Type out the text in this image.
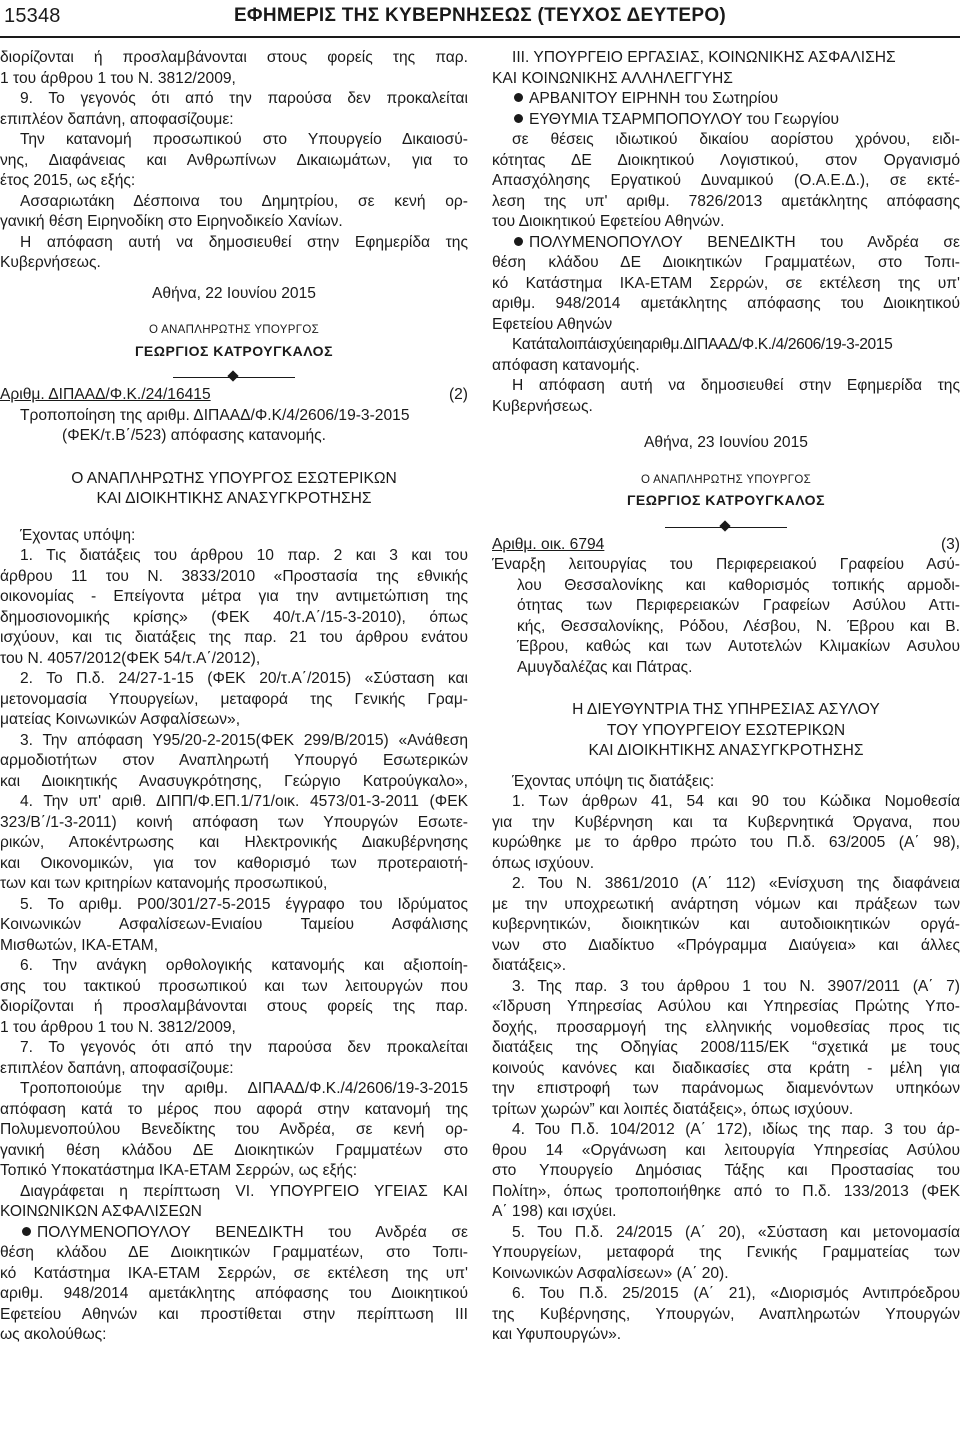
15348	ΕΦΗΜΕΡΙΣ ΤΗΣ ΚΥΒΕΡΝΗΣΕΩΣ (ΤΕΥΧΟΣ ΔΕΥΤΕΡΟ)
διορίζονται ή προσλαμβάνονται στους φορείς της παρ.
1 του άρθρου 1 του Ν. 3812/2009,
9. Το γεγονός ότι από την παρούσα δεν προκαλείται
επιπλέον δαπάνη, αποφασίζουμε:
Την κατανομή προσωπικού στο Υπουργείο Δικαιοσύ-
νης, Διαφάνειας και Ανθρωπίνων Δικαιωμάτων, για το
έτος 2015, ως εξής:
Ασσαριωτάκη Δέσποινα του Δημητρίου, σε κενή ορ-
γανική θέση Ειρηνοδίκη στο Ειρηνοδικείο Χανίων.
Η απόφαση αυτή να δημοσιευθεί στην Εφημερίδα της
Κυβερνήσεως.
Αθήνα, 22 Ιουνίου 2015
Ο ΑΝΑΠΛΗΡΩΤΗΣ ΥΠΟΥΡΓΟΣ
ΓΕΩΡΓΙΟΣ ΚΑΤΡΟΥΓΚΑΛΟΣ
Αριθμ. ΔΙΠΑΑΔ/Φ.Κ./24/16415	(2)
Τροποποίηση της αριθμ. ΔΙΠΑΑΔ/Φ.Κ/4/2606/19-3-2015
(ΦΕΚ/τ.Β΄/523) απόφασης κατανομής.
Ο ΑΝΑΠΛΗΡΩΤΗΣ ΥΠΟΥΡΓΟΣ ΕΣΩΤΕΡΙΚΩΝ
ΚΑΙ ΔΙΟΙΚΗΤΙΚΗΣ ΑΝΑΣΥΓΚΡΟΤΗΣΗΣ
Έχοντας υπόψη:
1. Τις διατάξεις του άρθρου 10 παρ. 2 και 3 και του
άρθρου 11 του Ν. 3833/2010 «Προστασία της εθνικής
οικονομίας - Επείγοντα μέτρα για την αντιμετώπιση της
δημοσιονομικής κρίσης» (ΦΕΚ 40/τ.Α΄/15-3-2010), όπως
ισχύουν, και τις διατάξεις της παρ. 21 του άρθρου ενάτου
του Ν. 4057/2012(ΦΕΚ 54/τ.Α΄/2012),
2. Το Π.δ. 24/27-1-15 (ΦΕΚ 20/τ.Α΄/2015) «Σύσταση και
μετονομασία Υπουργείων, μεταφορά της Γενικής Γραμ-
ματείας Κοινωνικών Ασφαλίσεων»,
3. Την απόφαση Υ95/20-2-2015(ΦΕΚ 299/Β/2015) «Ανάθεση
αρμοδιοτήτων στον Αναπληρωτή Υπουργό Εσωτερικών
και Διοικητικής Ανασυγκρότησης, Γεώργιο Κατρούγκαλο»,
4. Την υπ' αριθ. ΔΙΠΠ/Φ.ΕΠ.1/71/οικ. 4573/01-3-2011 (ΦΕΚ
323/Β΄/1-3-2011) κοινή απόφαση των Υπουργών Εσωτε-
ρικών, Αποκέντρωσης και Ηλεκτρονικής Διακυβέρνησης
και Οικονομικών, για τον καθορισμό των προτεραιοτή-
των και των κριτηρίων κατανομής προσωπικού,
5. Το αριθμ. Ρ00/301/27-5-2015 έγγραφο του Ιδρύματος
Κοινωνικών Ασφαλίσεων-Ενιαίου Ταμείου Ασφάλισης
Μισθωτών, ΙΚΑ-ΕΤΑΜ,
6. Την ανάγκη ορθολογικής κατανομής και αξιοποίη-
σης του τακτικού προσωπικού και των λειτουργών που
διορίζονται ή προσλαμβάνονται στους φορείς της παρ.
1 του άρθρου 1 του Ν. 3812/2009,
7. Το γεγονός ότι από την παρούσα δεν προκαλείται
επιπλέον δαπάνη, αποφασίζουμε:
Τροποποιούμε την αριθμ. ΔΙΠΑΑΔ/Φ.Κ./4/2606/19-3-2015
απόφαση κατά το μέρος που αφορά στην κατανομή της
Πολυμενοπούλου Βενεδίκτης του Ανδρέα, σε κενή ορ-
γανική θέση κλάδου ΔΕ Διοικητικών Γραμματέων στο
Τοπικό Υποκατάστημα ΙΚΑ-ΕΤΑΜ Σερρών, ως εξής:
Διαγράφεται η περίπτωση VI. ΥΠΟΥΡΓΕΙΟ ΥΓΕΙΑΣ ΚΑΙ
ΚΟΙΝΩΝΙΚΩΝ ΑΣΦΑΛΙΣΕΩΝ
ΠΟΛΥΜΕΝΟΠΟΥΛΟΥ ΒΕΝΕΔΙΚΤΗ του Ανδρέα σε
θέση κλάδου ΔΕ Διοικητικών Γραμματέων, στο Τοπι-
κό Κατάστημα ΙΚΑ-ΕΤΑΜ Σερρών, σε εκτέλεση της υπ'
αριθμ. 948/2014 αμετάκλητης απόφασης του Διοικητικού
Εφετείου Αθηνών και προστίθεται στην περίπτωση ΙΙΙ
ως ακολούθως:
ΙΙΙ. ΥΠΟΥΡΓΕΙΟ ΕΡΓΑΣΙΑΣ, ΚΟΙΝΩΝΙΚΗΣ ΑΣΦΑΛΙΣΗΣ
ΚΑΙ ΚΟΙΝΩΝΙΚΗΣ ΑΛΛΗΛΕΓΓΥΗΣ
ΑΡΒΑΝΙΤΟΥ ΕΙΡΗΝΗ του Σωτηρίου
ΕΥΘΥΜΙΑ ΤΣΑΡΜΠΟΠΟΥΛΟΥ του Γεωργίου
σε θέσεις ιδιωτικού δικαίου αορίστου χρόνου, ειδι-
κότητας ΔΕ Διοικητικού Λογιστικού, στον Οργανισμό
Απασχόλησης Εργατικού Δυναμικού (Ο.Α.Ε.Δ.), σε εκτέ-
λεση της υπ' αριθμ. 7826/2013 αμετάκλητης απόφασης
του Διοικητικού Εφετείου Αθηνών.
ΠΟΛΥΜΕΝΟΠΟΥΛΟΥ ΒΕΝΕΔΙΚΤΗ του Ανδρέα σε
θέση κλάδου ΔΕ Διοικητικών Γραμματέων, στο Τοπι-
κό Κατάστημα ΙΚΑ-ΕΤΑΜ Σερρών, σε εκτέλεση της υπ'
αριθμ. 948/2014 αμετάκλητης απόφασης του Διοικητικού
Εφετείου Αθηνών
Κατάταλοιπάισχύειηαριθμ.ΔΙΠΑΑΔ/Φ.Κ./4/2606/19-3-2015
απόφαση κατανομής.
Η απόφαση αυτή να δημοσιευθεί στην Εφημερίδα της
Κυβερνήσεως.
Αθήνα, 23 Ιουνίου 2015
Ο ΑΝΑΠΛΗΡΩΤΗΣ ΥΠΟΥΡΓΟΣ
ΓΕΩΡΓΙΟΣ ΚΑΤΡΟΥΓΚΑΛΟΣ
Αριθμ. οικ. 6794	(3)
Έναρξη λειτουργίας του Περιφερειακού Γραφείου Ασύ-
λου Θεσσαλονίκης και καθορισμός τοπικής αρμοδι-
ότητας των Περιφερειακών Γραφείων Ασύλου Αττι-
κής, Θεσσαλονίκης, Ρόδου, Λέσβου, Ν. Έβρου και Β.
Έβρου, καθώς και των Αυτοτελών Κλιμακίων Ασυλου
Αμυγδαλέζας και Πάτρας.
Η ΔΙΕΥΘΥΝΤΡΙΑ ΤΗΣ ΥΠΗΡΕΣΙΑΣ ΑΣΥΛΟΥ
ΤΟΥ ΥΠΟΥΡΓΕΙΟΥ ΕΣΩΤΕΡΙΚΩΝ
ΚΑΙ ΔΙΟΙΚΗΤΙΚΗΣ ΑΝΑΣΥΓΚΡΟΤΗΣΗΣ
Έχοντας υπόψη τις διατάξεις:
1. Των άρθρων 41, 54 και 90 του Κώδικα Νομοθεσία
για την Κυβέρνηση και τα Κυβερνητικά Όργανα, που
κυρώθηκε με το άρθρο πρώτο του Π.δ. 63/2005 (Α΄ 98),
όπως ισχύουν.
2. Του Ν. 3861/2010 (Α΄ 112) «Ενίσχυση της διαφάνεια
με την υποχρεωτική ανάρτηση νόμων και πράξεων των
κυβερνητικών, διοικητικών και αυτοδιοικητικών οργά-
νων στο Διαδίκτυο «Πρόγραμμα Διαύγεια» και άλλες
διατάξεις».
3. Της παρ. 3 του άρθρου 1 του Ν. 3907/2011 (Α΄ 7)
«Ίδρυση Υπηρεσίας Ασύλου και Υπηρεσίας Πρώτης Υπο-
δοχής, προσαρμογή της ελληνικής νομοθεσίας προς τις
διατάξεις της Οδηγίας 2008/115/ΕΚ “σχετικά με τους
κοινούς κανόνες και διαδικασίες στα κράτη - μέλη για
την επιστροφή των παράνομως διαμενόντων υπηκόων
τρίτων χωρών” και λοιπές διατάξεις», όπως ισχύουν.
4. Του Π.δ. 104/2012 (Α΄ 172), ιδίως της παρ. 3 του άρ-
θρου 14 «Οργάνωση και λειτουργία Υπηρεσίας Ασύλου
στο Υπουργείο Δημόσιας Τάξης και Προστασίας του
Πολίτη», όπως τροποποιήθηκε από το Π.δ. 133/2013 (ΦΕΚ
Α΄ 198) και ισχύει.
5. Του Π.δ. 24/2015 (Α΄ 20), «Σύσταση και μετονομασία
Υπουργείων, μεταφορά της Γενικής Γραμματείας των
Κοινωνικών Ασφαλίσεων» (Α΄ 20).
6. Του Π.δ. 25/2015 (Α΄ 21), «Διορισμός Αντιπρόεδρου
της Κυβέρνησης, Υπουργών, Αναπληρωτών Υπουργών
και Υφυπουργών».
